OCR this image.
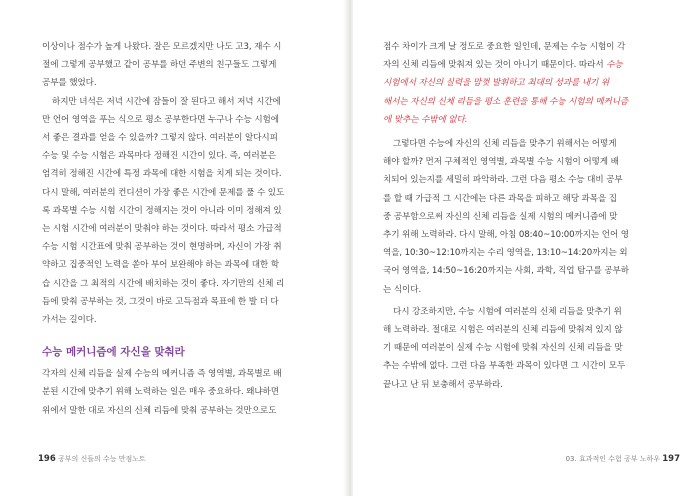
이상이나 점수가 높게 나왔다. 잘은 모르겠지만 나도 고3, 재수 시
절에 그렇게 공부했고 같이 공부를 하던 주변의 친구들도 그렇게
공부를 했었다.

하지만 녀석은 저녁 시간에 잠들이 잘 된다고 해서 저녁 시간에
만 언어 영역을 푸는 식으로 평소 공부한다면 누구나 수능 시험에
서 좋은 결과를 얻을 수 있을까? 그렇지 않다. 여러분이 알다시피
수능 및 수능 시험은 과목마다 정해진 시간이 있다. 즉, 여러분은
엄격히 정해진 시간에 특정 과목에 대한 시험을 치게 되는 것이다.
다시 말해, 여러분의 컨디션이 가장 좋은 시간에 문제를 풀 수 있도
록 과목별 수능 시험 시간이 정해지는 것이 아니라 이미 정해져 있
는 시험 시간에 여러분이 맞춰야 하는 것이다. 따라서 평소 가급적
수능 시험 시간표에 맞춰 공부하는 것이 현명하며, 자신이 가장 취
약하고 집중적인 노력을 쏟아 부어 보완해야 하는 과목에 대한 학
습 시간을 그 최적의 시간에 배치하는 것이 좋다. 자기만의 신체 리
듬에 맞춰 공부하는 것, 그것이 바로 고득점과 목표에 한 발 더 다
가서는 길이다.

수능 메커니즘에 자신을 맞춰라

각자의 신체 리듬을 실제 수능의 메커니즘 즉 영역별, 과목별로 배
분된 시간에 맞추기 위해 노력하는 일은 매우 중요하다. 왜냐하면
위에서 말한 대로 자신의 신체 리듬에 맞춰 공부하는 것만으로도

196 공부의 신들의 수능 만점노트

점수 차이가 크게 날 정도로 중요한 일인데, 문제는 수능 시험이 각
자의 신체 리듬에 맞춰져 있는 것이 아니기 때문이다. 따라서 수능
시험에서 자신의 실력을 맘껏 발휘하고 최대의 성과를 내기 위
해서는 자신의 신체 리듬을 평소 훈련을 통해 수능 시험의 메커니즘
에 맞추는 수밖에 없다.

그렇다면 수능에 자신의 신체 리듬을 맞추기 위해서는 어떻게
해야 할까? 먼저 구체적인 영역별, 과목별 수능 시험이 어떻게 배
치되어 있는지를 세밀히 파악하라. 그런 다음 평소 수능 대비 공부
를 할 때 가급적 그 시간에는 다른 과목을 피하고 해당 과목을 집
중 공부함으로써 자신의 신체 리듬을 실제 시험의 메커니즘에 맞
추기 위해 노력하라. 다시 말해, 아침 08:40~10:00까지는 언어 영
역을, 10:30~12:10까지는 수리 영역을, 13:10~14:20까지는 외
국어 영역을, 14:50~16:20까지는 사회, 과학, 직업 탐구를 공부하
는 식이다.

다시 강조하지만, 수능 시험에 여러분의 신체 리듬을 맞추기 위
해 노력하라. 절대로 시험은 여러분의 신체 리듬에 맞춰져 있지 않
기 때문에 여러분이 실제 수능 시험에 맞춰 자신의 신체 리듬을 맞
추는 수밖에 없다. 그런 다음 부족한 과목이 있다면 그 시간이 모두
끝나고 난 뒤 보충해서 공부하라.

03. 효과적인 수험 공부 노하우 197
